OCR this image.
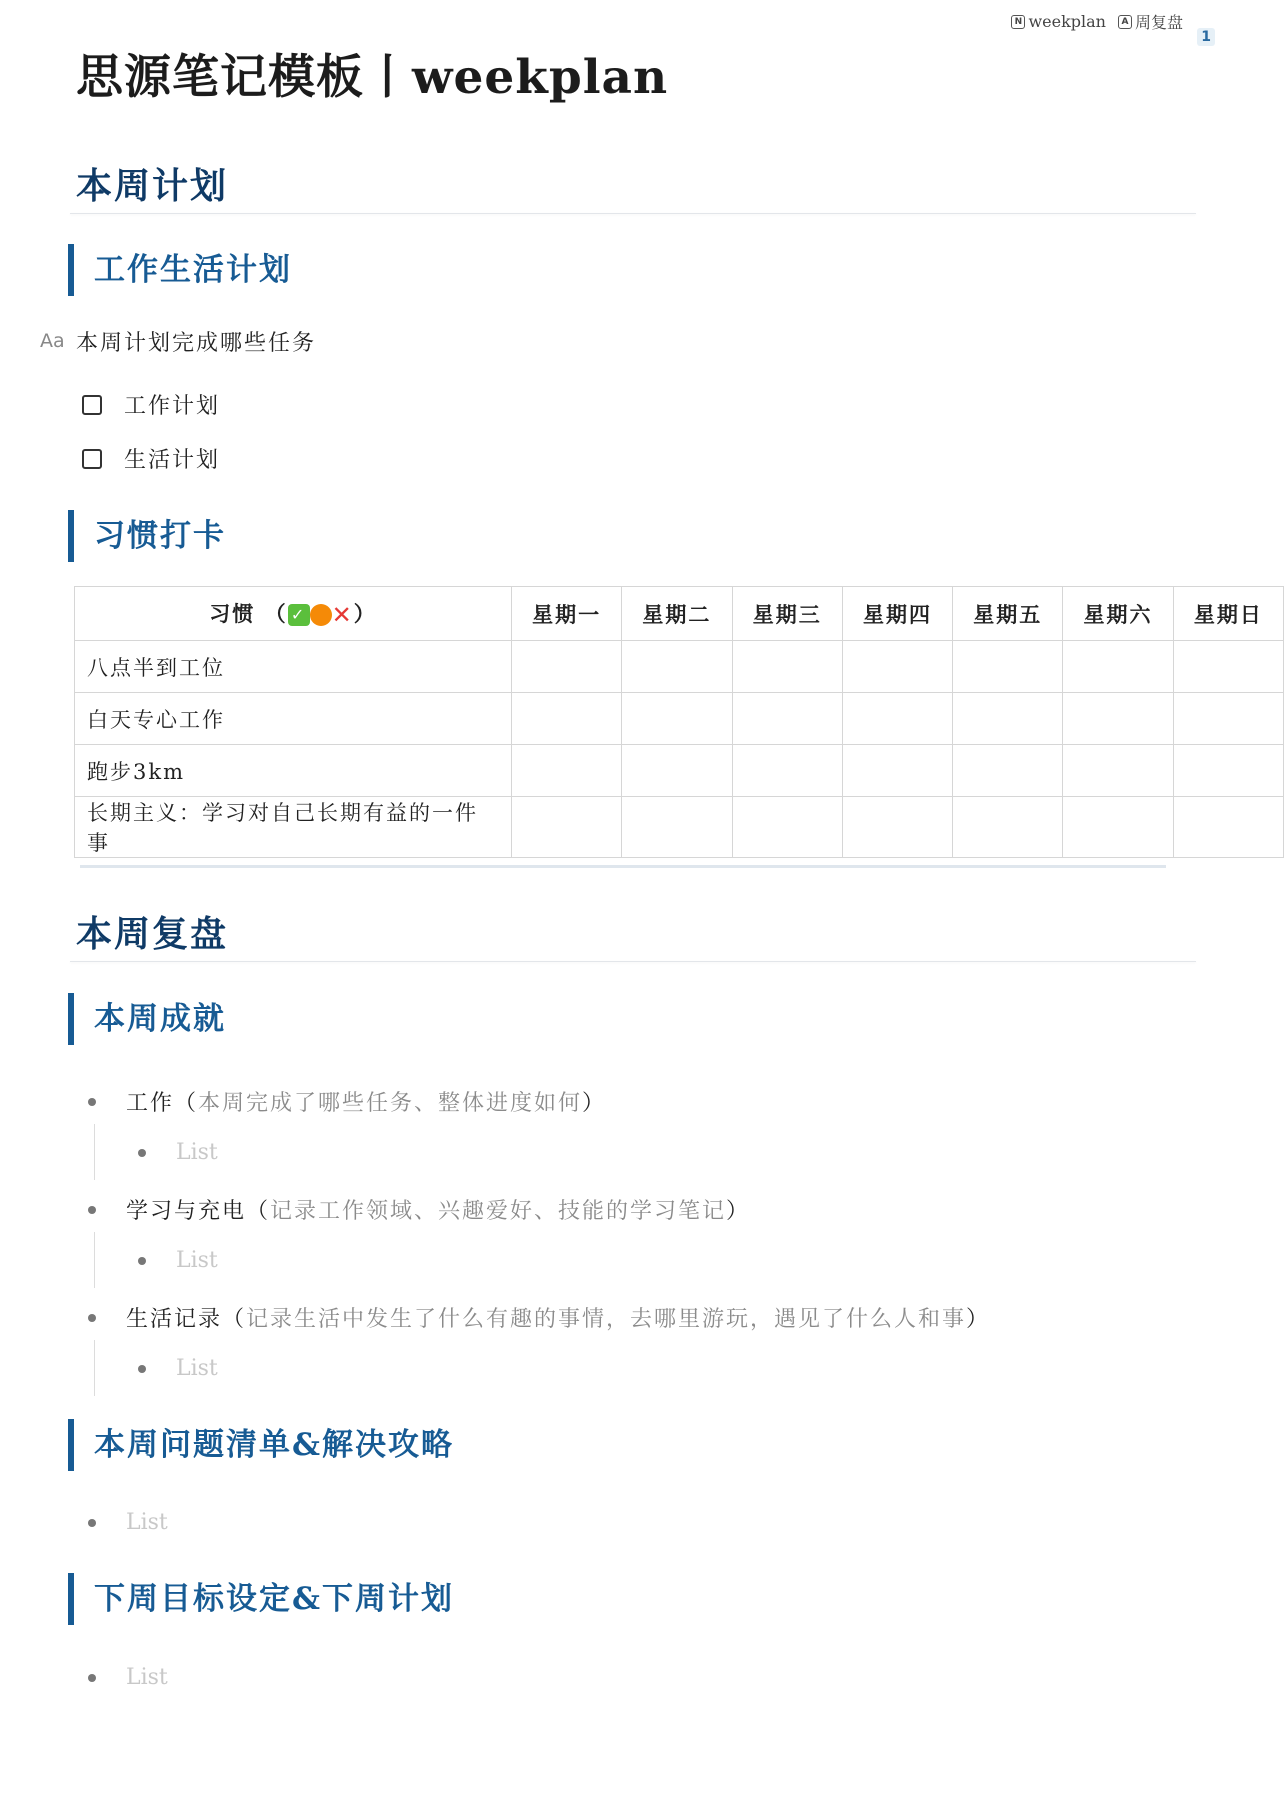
N weekplan	A 周复盘
1
思源笔记模板丨weekplan
本周计划
工作生活计划
Aa 本周计划完成哪些任务
工作计划
生活计划
习惯打卡
习惯 （ ✓ ✕）	星期一	星期二	星期三	星期四	星期五	星期六	星期日
八点半到工位							
白天专心工作							
跑步3km							
长期主义：学习对自己长期有益的一件事							
本周复盘
本周成就
工作 （本周完成了哪些任务、整体进度如何）
List
学习与充电 （记录工作领域、兴趣爱好、技能的学习笔记）
List
生活记录 （记录生活中发生了什么有趣的事情，去哪里游玩，遇见了什么人和事）
List
本周问题清单&解决攻略
List
下周目标设定&下周计划
List
